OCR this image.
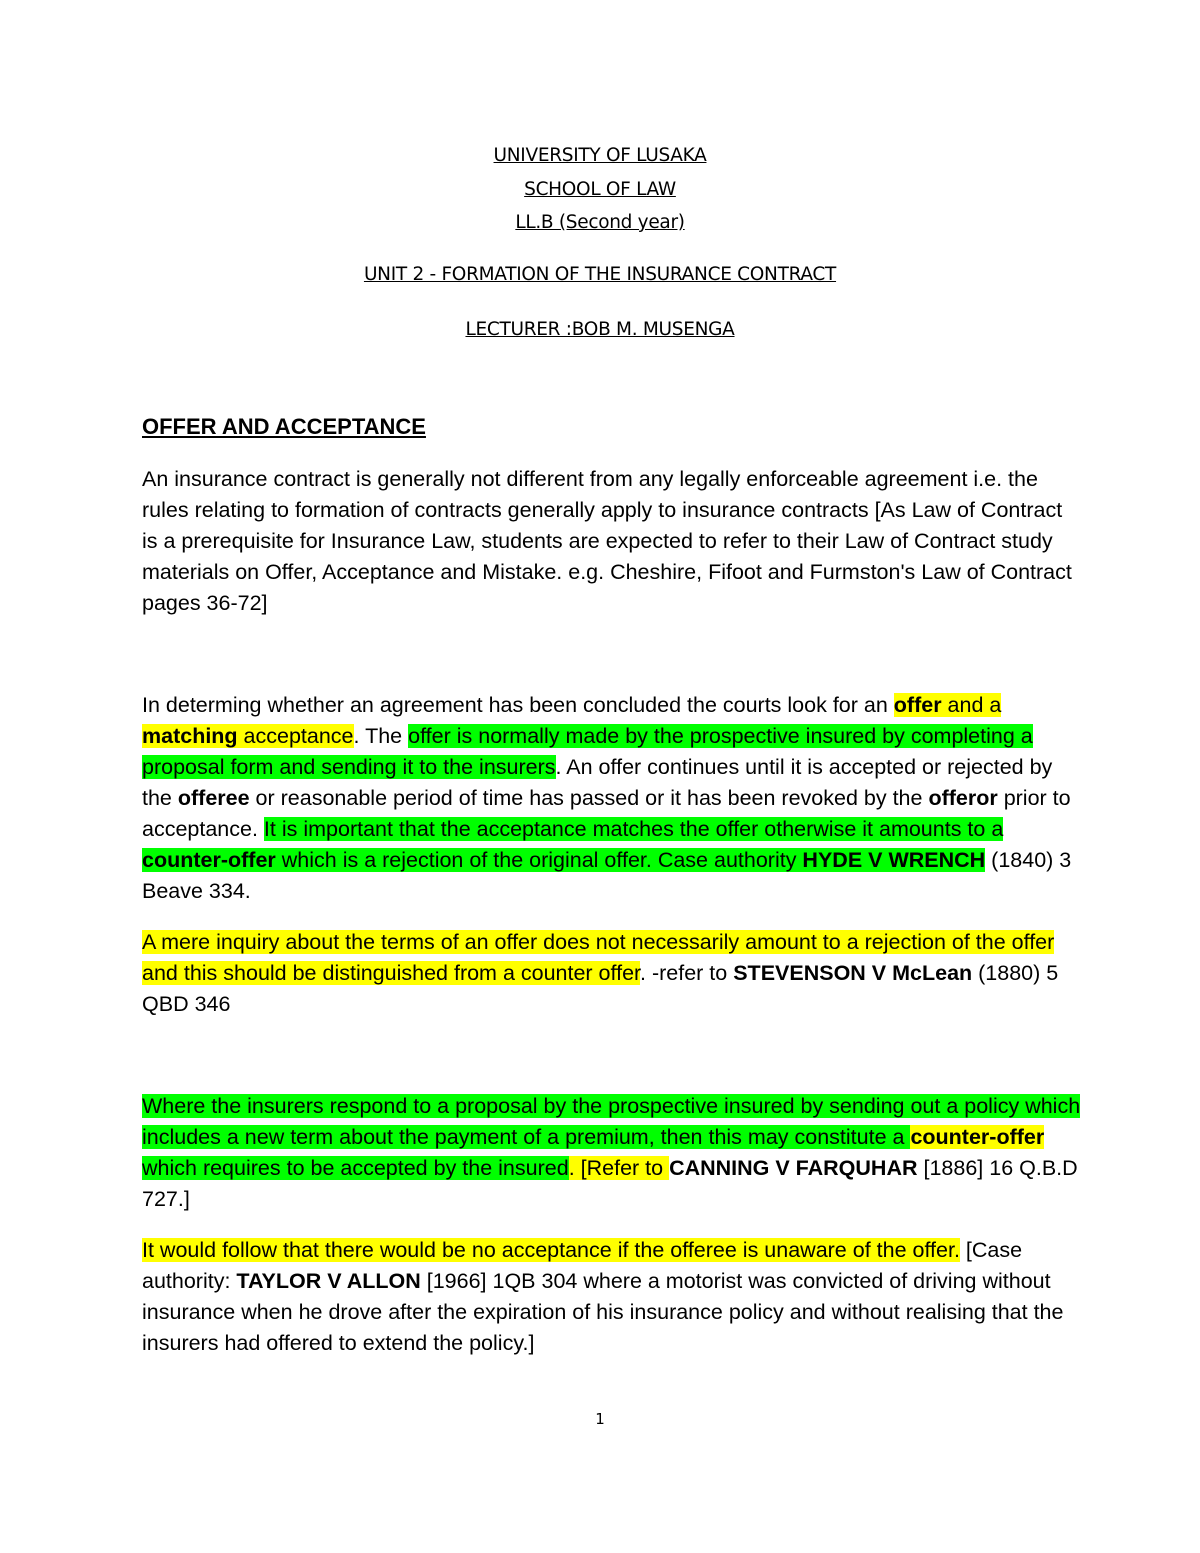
UNIVERSITY OF LUSAKA
SCHOOL OF LAW
LL.B (Second year)
UNIT 2 - FORMATION OF THE INSURANCE CONTRACT
LECTURER :BOB M. MUSENGA
OFFER AND ACCEPTANCE

An insurance contract is generally not different from any legally enforceable agreement i.e. the rules relating to formation of contracts generally apply to insurance contracts [As Law of Contract is a prerequisite for Insurance Law, students are expected to refer to their Law of Contract study materials on Offer, Acceptance and Mistake. e.g. Cheshire, Fifoot and Furmston's Law of Contract pages 36-72]

In determing whether an agreement has been concluded the courts look for an offer and a matching acceptance. The offer is normally made by the prospective insured by completing a proposal form and sending it to the insurers. An offer continues until it is accepted or rejected by the offeree or reasonable period of time has passed or it has been revoked by the offeror prior to acceptance. It is important that the acceptance matches the offer otherwise it amounts to a counter-offer which is a rejection of the original offer. Case authority HYDE V WRENCH (1840) 3 Beave 334.

A mere inquiry about the terms of an offer does not necessarily amount to a rejection of the offer and this should be distinguished from a counter offer. -refer to STEVENSON V McLean (1880) 5 QBD 346

Where the insurers respond to a proposal by the prospective insured by sending out a policy which includes a new term about the payment of a premium, then this may constitute a counter-offer which requires to be accepted by the insured. [Refer to CANNING V FARQUHAR [1886] 16 Q.B.D 727.]

It would follow that there would be no acceptance if the offeree is unaware of the offer. [Case authority: TAYLOR V ALLON [1966] 1QB 304 where a motorist was convicted of driving without insurance when he drove after the expiration of his insurance policy and without realising that the insurers had offered to extend the policy.]

1
